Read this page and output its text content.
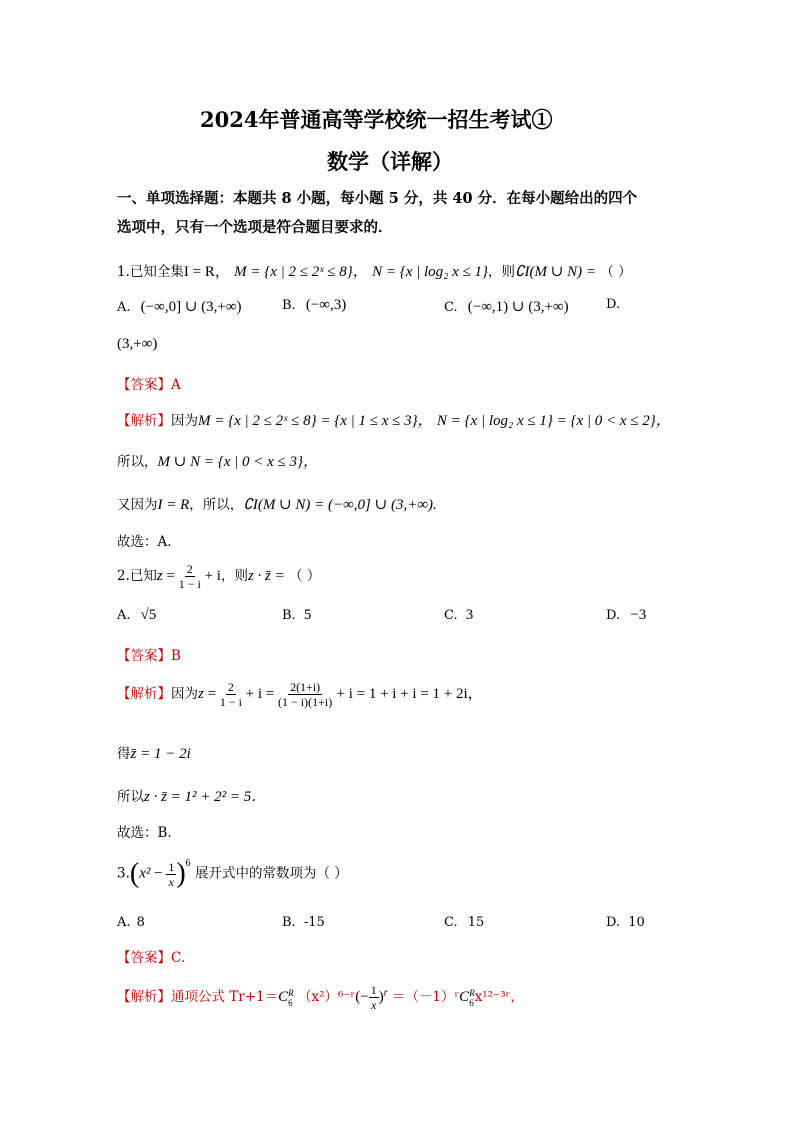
2024年普通高等学校统一招生考试①
数学（详解）
一、单项选择题：本题共 8 小题，每小题 5 分，共 40 分．在每小题给出的四个
选项中，只有一个选项是符合题目要求的．
1.已知全集I = R， M = {x | 2 ≤ 2ˣ ≤ 8}， N = {x | log₂ x ≤ 1}，则∁I(M ∪ N) = （ ）
A. (−∞,0] ∪ (3,+∞)	B. (−∞,3)	C. (−∞,1) ∪ (3,+∞)	D.
(3,+∞)
【答案】A
【解析】因为M = {x | 2 ≤ 2ˣ ≤ 8} = {x | 1 ≤ x ≤ 3}， N = {x | log₂ x ≤ 1} = {x | 0 < x ≤ 2}，
所以，M ∪ N = {x | 0 < x ≤ 3}，
又因为I = R，所以，∁I(M ∪ N) = (−∞,0] ∪ (3,+∞).
故选：A.
2.已知$z = \frac{2}{1 - i} + i$，则z · z̄ = （ ）
A. √5	B. 5	C. 3	D. −3
【答案】B
【解析】因为$z = \frac{2}{1 - i} + i = \frac{2(1+i)}{(1 - i)(1+i)} + i = 1 + i + i = 1 + 2i$，
得z̄ = 1 − 2i
所以z · z̄ = 1² + 2² = 5．
故选：B.
$3.(x^2 - \frac{1}{x} )^6$ 展开式中的常数项为（ ）
A. 8	B. -15	C. 15	D. 10
【答案】C.
【解析】通项公式 Tr+1＝C R
6 （x²）⁶⁻ʳ(− $\frac{1}{x} )^r$ ＝（－1）ʳC R
6 x¹²⁻³ʳ，
